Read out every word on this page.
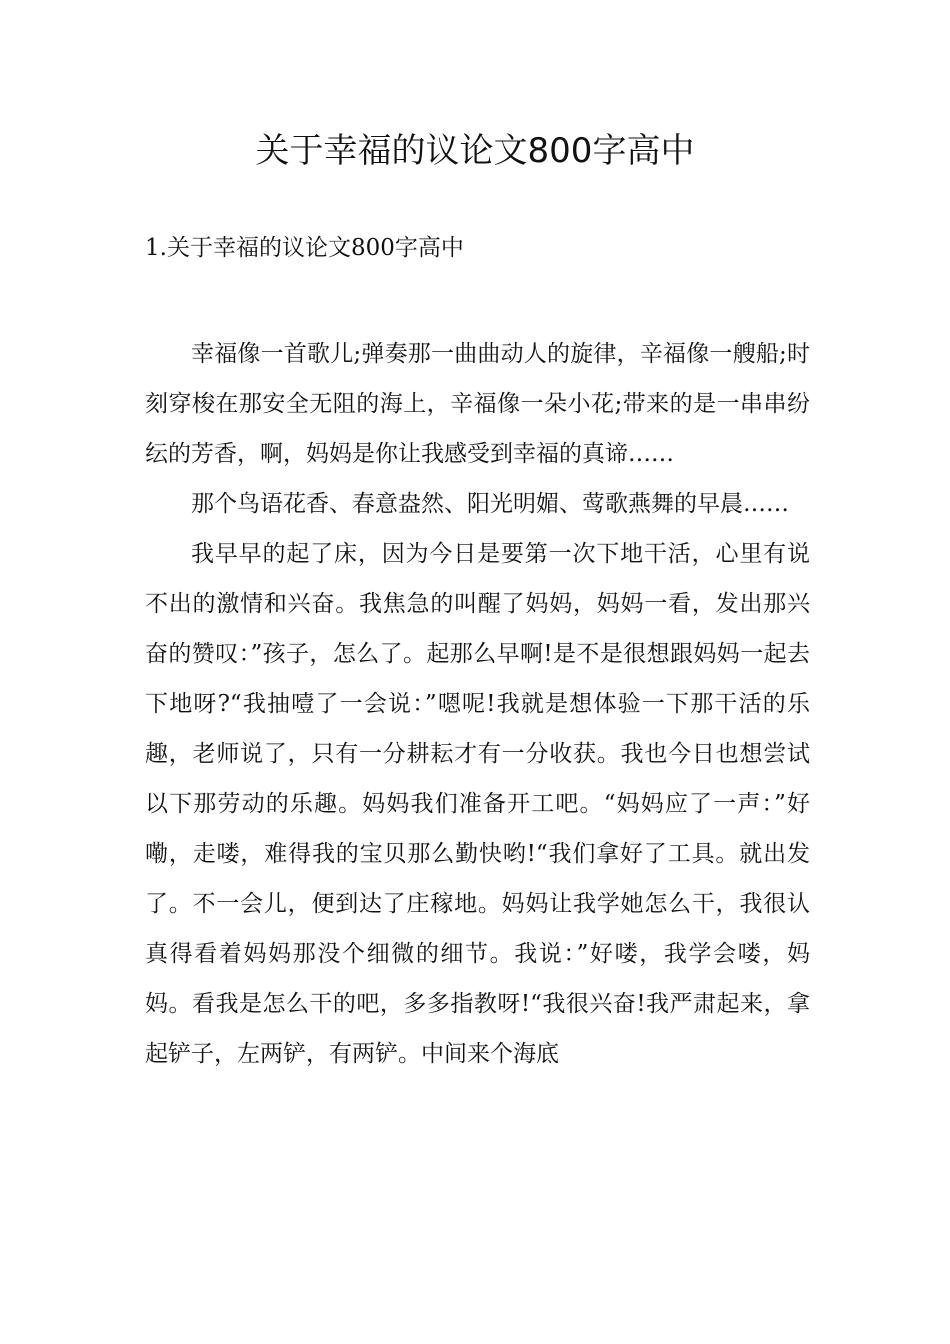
关于幸福的议论文800字高中
1.关于幸福的议论文800字高中

幸福像一首歌儿;弹奏那一曲曲动人的旋律，辛福像一艘船;时刻穿梭在那安全无阻的海上，辛福像一朵小花;带来的是一串串纷纭的芳香，啊，妈妈是你让我感受到幸福的真谛……

那个鸟语花香、春意盎然、阳光明媚、莺歌燕舞的早晨……

我早早的起了床，因为今日是要第一次下地干活，心里有说不出的激情和兴奋。我焦急的叫醒了妈妈，妈妈一看，发出那兴奋的赞叹：”孩子，怎么了。起那么早啊!是不是很想跟妈妈一起去下地呀?“我抽噎了一会说：”嗯呢!我就是想体验一下那干活的乐趣，老师说了，只有一分耕耘才有一分收获。我也今日也想尝试以下那劳动的乐趣。妈妈我们准备开工吧。“妈妈应了一声：”好嘞，走喽，难得我的宝贝那么勤快哟!“我们拿好了工具。就出发了。不一会儿，便到达了庄稼地。妈妈让我学她怎么干，我很认真得看着妈妈那没个细微的细节。我说：”好喽，我学会喽，妈妈。看我是怎么干的吧，多多指教呀!“我很兴奋!我严肃起来，拿起铲子，左两铲，有两铲。中间来个海底
